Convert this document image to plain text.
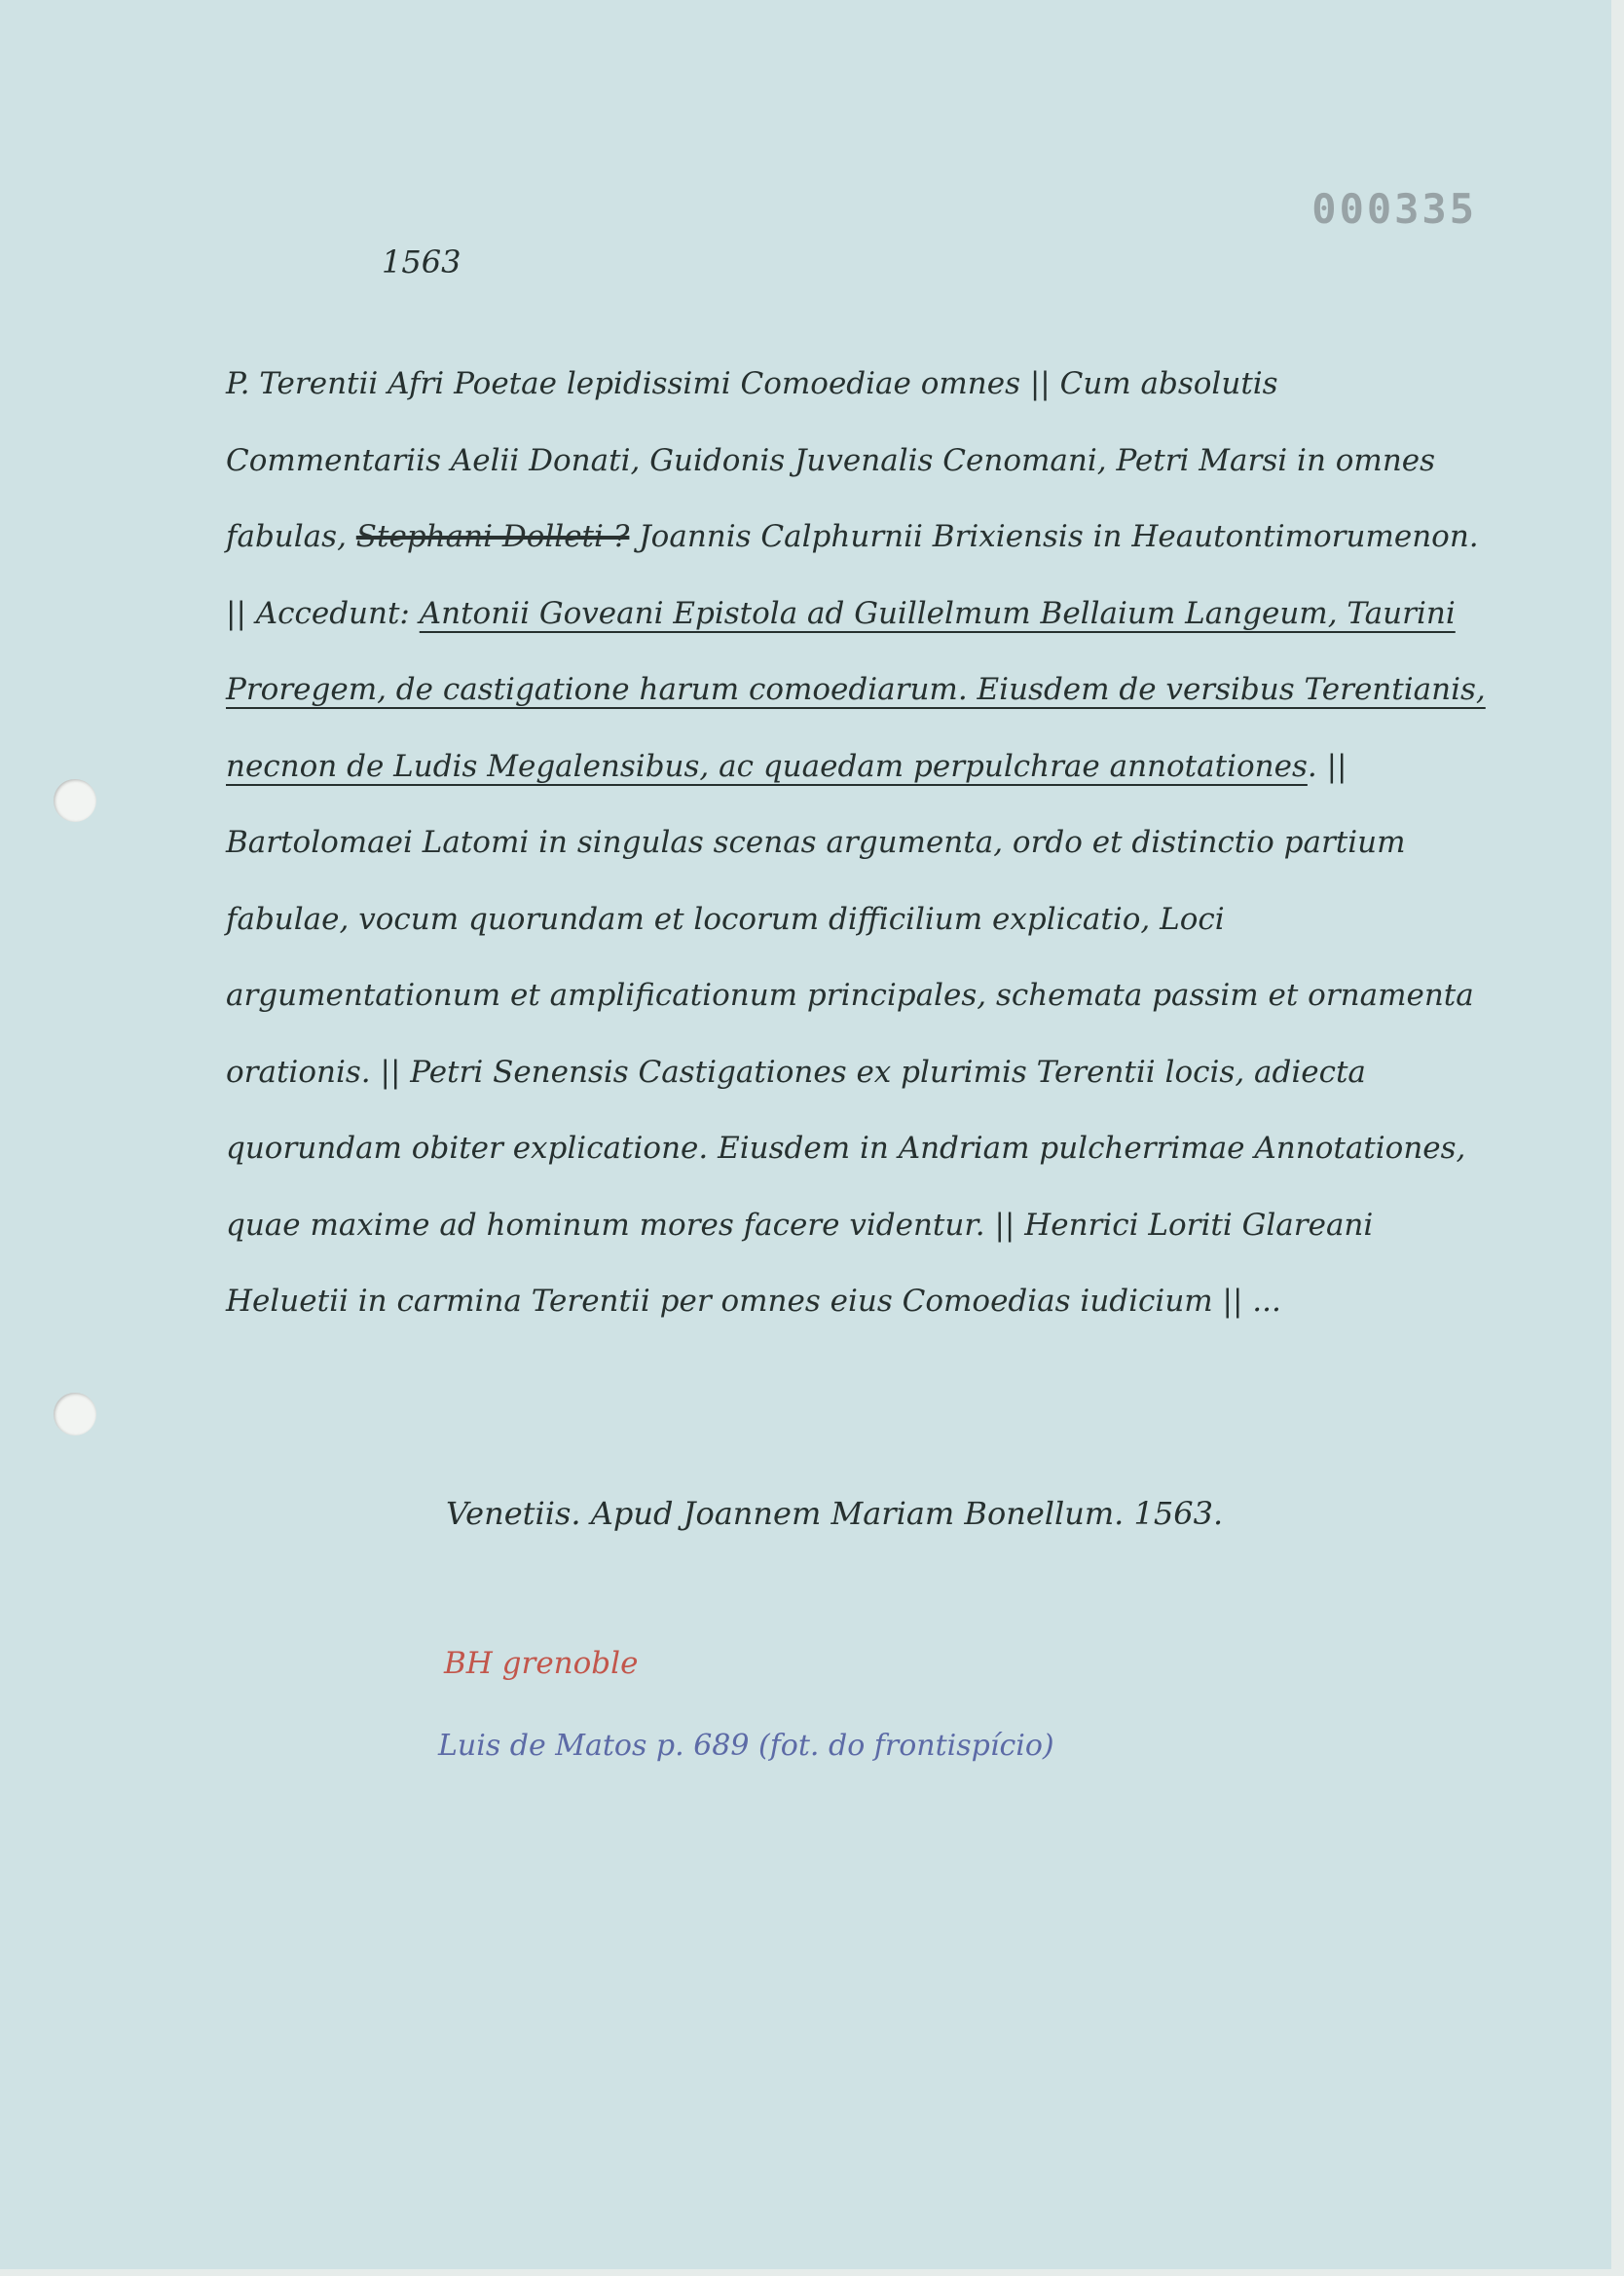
000335
1563

P. Terentii Afri Poetae lepidissimi Comoediae omnes || Cum absolutis Commentariis Aelii Donati, Guidonis Juvenalis Cenomani, Petri Marsi in omnes fabulas, Stephani Dolleti ? Joannis Calphurnii Brixiensis in Heautontimorumenon. || Accedunt: Antonii Goveani Epistola ad Guillelmum Bellaium Langeum, Taurini Proregem, de castigatione harum comoediarum. Eiusdem de versibus Terentianis, necnon de Ludis Megalensibus, ac quaedam perpulchrae annotationes. || Bartolomaei Latomi in singulas scenas argumenta, ordo et distinctio partium fabulae, vocum quorundam et locorum difficilium explicatio, Loci argumentationum et amplificationum principales, schemata passim et ornamenta orationis. || Petri Senensis Castigationes ex plurimis Terentii locis, adiecta quorundam obiter explicatione. Eiusdem in Andriam pulcherrimae Annotationes, quae maxime ad hominum mores facere videntur. || Henrici Loriti Glareani Heluetii in carmina Terentii per omnes eius Comoedias iudicium || ...

Venetiis. Apud Joannem Mariam Bonellum. 1563.
BH grenoble
Luis de Matos p. 689 (fot. do frontispício)
